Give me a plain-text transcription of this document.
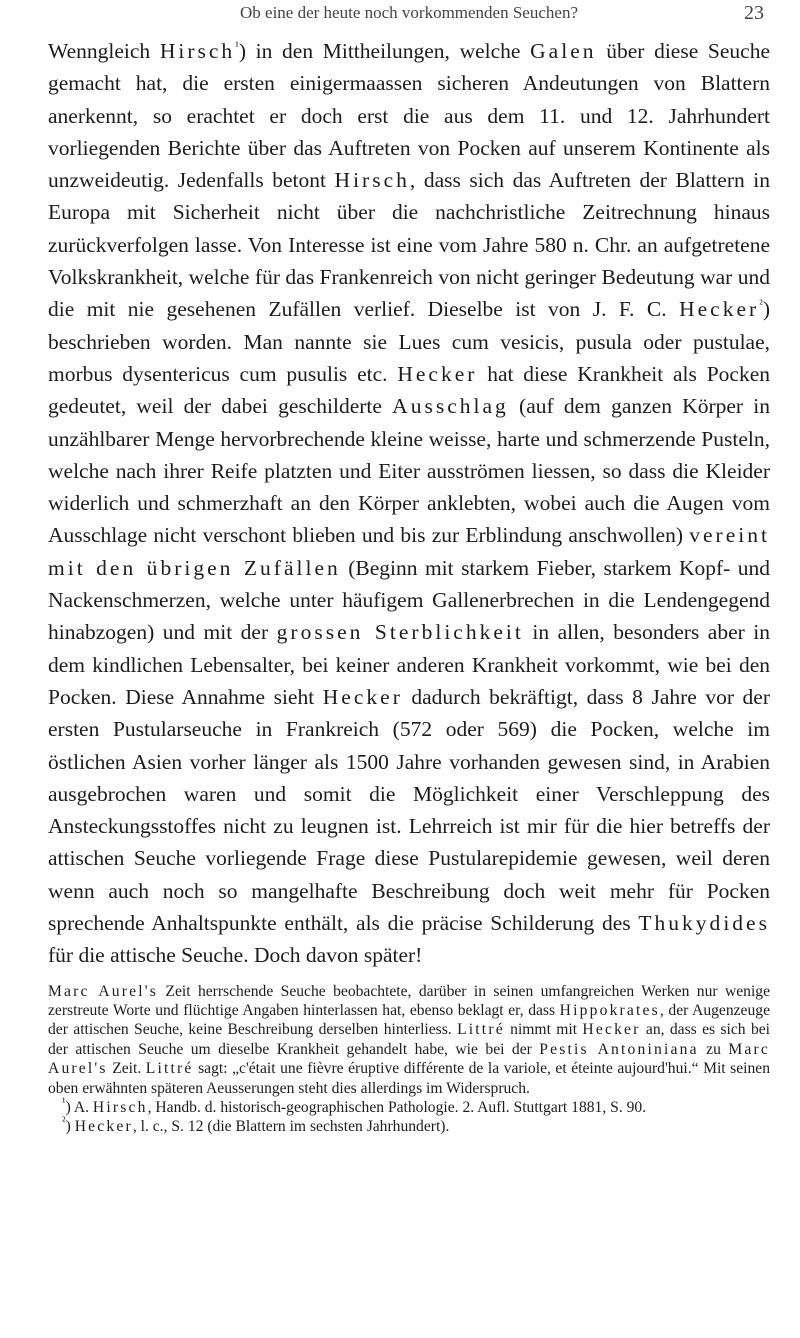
Ob eine der heute noch vorkommenden Seuchen?	23

Wenngleich Hirsch$^{^1}$) in den Mittheilungen, welche Galen über diese Seuche gemacht hat, die ersten einigermaassen sicheren Andeutungen von Blattern anerkennt, so erachtet er doch erst die aus dem 11. und 12. Jahrhundert vorliegenden Berichte über das Auftreten von Pocken auf unserem Kontinente als unzweideutig. Jedenfalls betont Hirsch, dass sich das Auftreten der Blattern in Europa mit Sicherheit nicht über die nachchristliche Zeitrechnung hinaus zurückverfolgen lasse. Von Interesse ist eine vom Jahre 580 n. Chr. an aufgetretene Volkskrankheit, welche für das Frankenreich von nicht geringer Bedeutung war und die mit nie gesehenen Zufällen verlief. Dieselbe ist von J. F. C. Hecker$^{^2}$) beschrieben worden. Man nannte sie Lues cum vesicis, pusula oder pustulae, morbus dysentericus cum pusulis etc. Hecker hat diese Krankheit als Pocken gedeutet, weil der dabei geschilderte Ausschlag (auf dem ganzen Körper in unzählbarer Menge hervorbrechende kleine weisse, harte und schmerzende Pusteln, welche nach ihrer Reife platzten und Eiter ausströmen liessen, so dass die Kleider widerlich und schmerzhaft an den Körper anklebten, wobei auch die Augen vom Ausschlage nicht verschont blieben und bis zur Erblindung anschwollen) vereint mit den übrigen Zufällen (Beginn mit starkem Fieber, starkem Kopf- und Nackenschmerzen, welche unter häufigem Gallenerbrechen in die Lendengegend hinabzogen) und mit der grossen Sterblichkeit in allen, besonders aber in dem kindlichen Lebensalter, bei keiner anderen Krankheit vorkommt, wie bei den Pocken. Diese Annahme sieht Hecker dadurch bekräftigt, dass 8 Jahre vor der ersten Pustularseuche in Frankreich (572 oder 569) die Pocken, welche im östlichen Asien vorher länger als 1500 Jahre vorhanden gewesen sind, in Arabien ausgebrochen waren und somit die Möglichkeit einer Verschleppung des Ansteckungsstoffes nicht zu leugnen ist. Lehrreich ist mir für die hier betreffs der attischen Seuche vorliegende Frage diese Pustularepidemie gewesen, weil deren wenn auch noch so mangelhafte Beschreibung doch weit mehr für Pocken sprechende Anhaltspunkte enthält, als die präcise Schilderung des Thukydides für die attische Seuche. Doch davon später!

Marc Aurel's Zeit herrschende Seuche beobachtete, darüber in seinen umfangreichen Werken nur wenige zerstreute Worte und flüchtige Angaben hinterlassen hat, ebenso beklagt er, dass Hippokrates, der Augenzeuge der attischen Seuche, keine Beschreibung derselben hinterliess. Littré nimmt mit Hecker an, dass es sich bei der attischen Seuche um dieselbe Krankheit gehandelt habe, wie bei der Pestis Antoniniana zu Marc Aurel's Zeit. Littré sagt: „c'était une fièvre éruptive différente de la variole, et éteinte aujourd'hui.“ Mit seinen oben erwähnten späteren Aeusserungen steht dies allerdings im Widerspruch.

$^{^1}$) A. Hirsch, Handb. d. historisch-geographischen Pathologie. 2. Aufl. Stuttgart 1881, S. 90.

$^{^2}$) Hecker, l. c., S. 12 (die Blattern im sechsten Jahrhundert).
